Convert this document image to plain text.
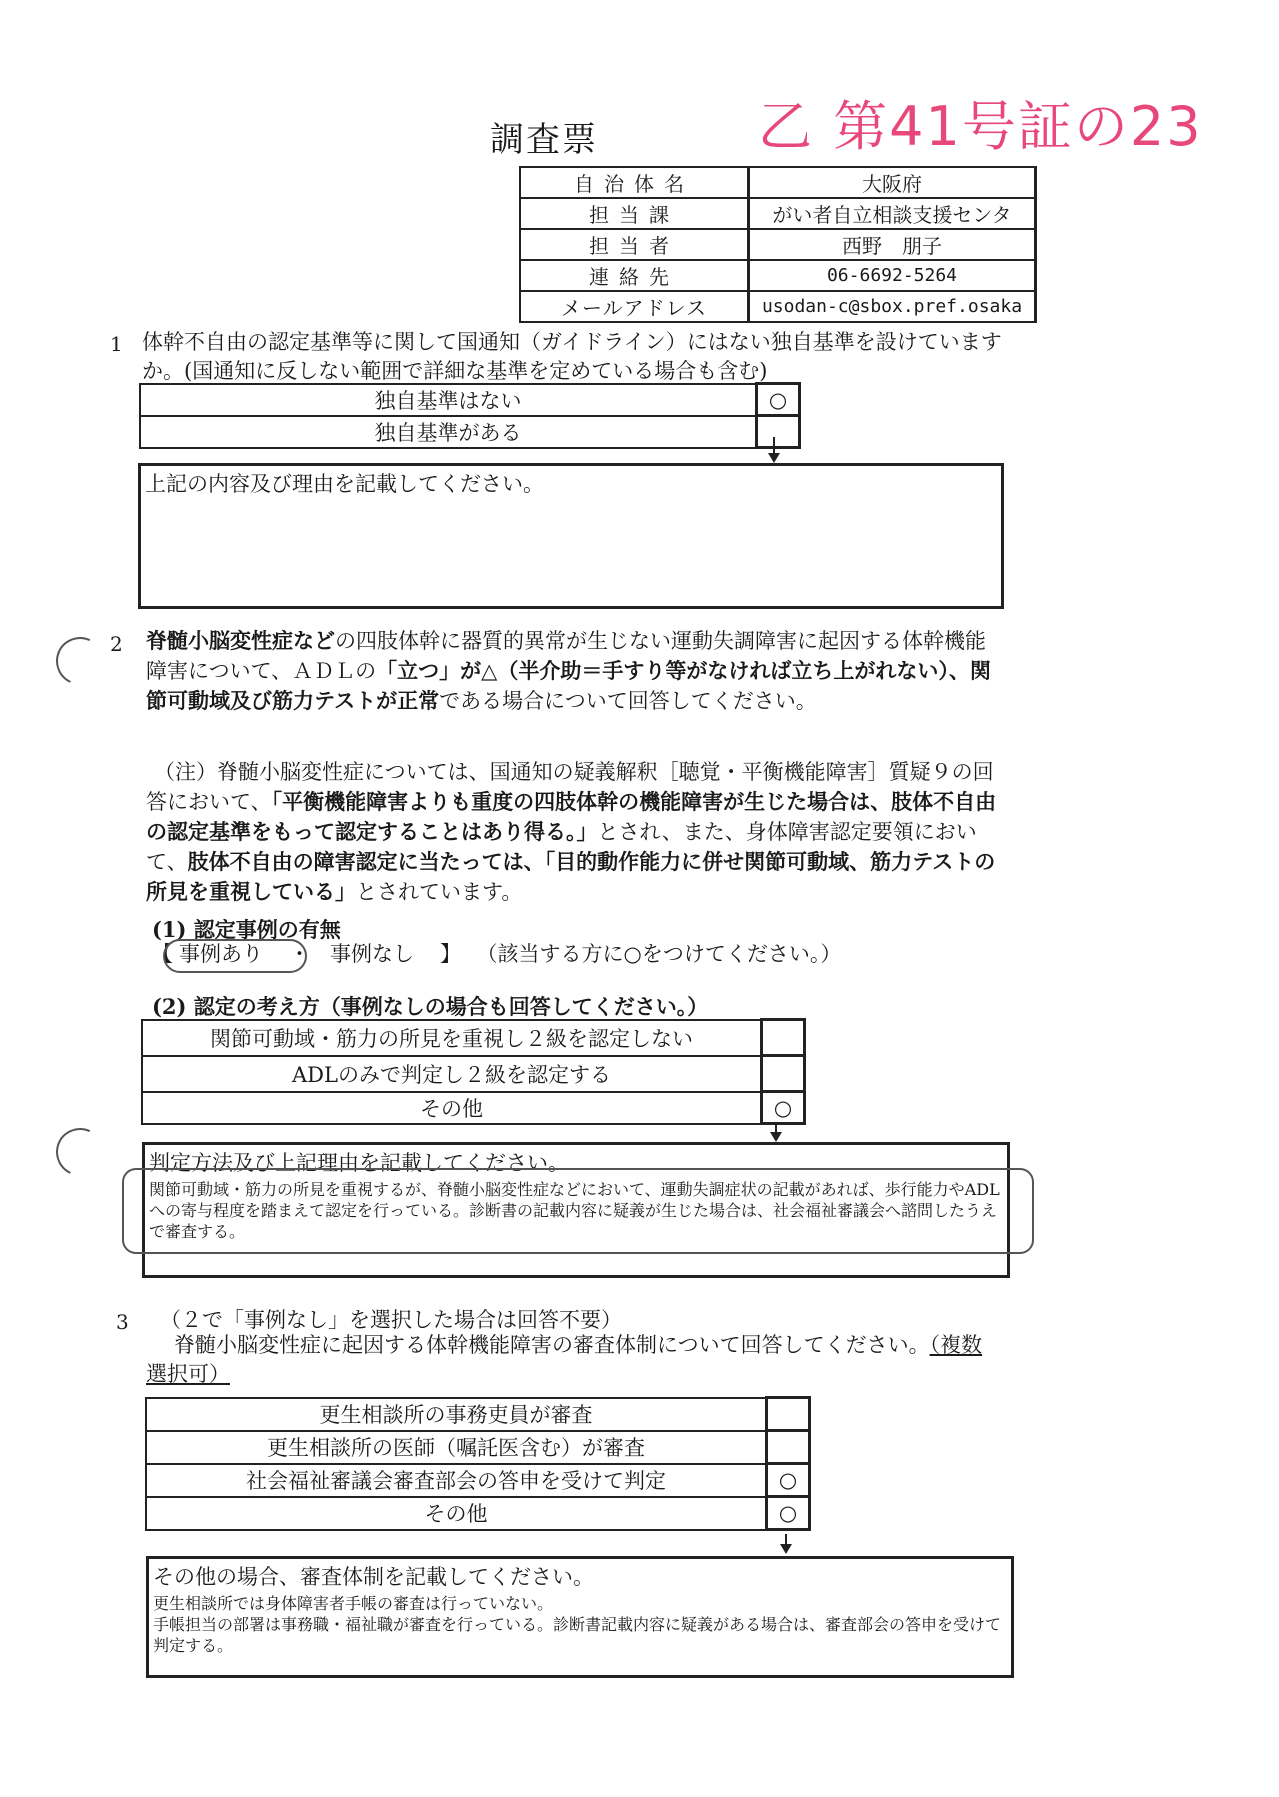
調査票	乙 第41号証の23
自治体名	大阪府
担当課	がい者自立相談支援センタ
担当者	西野　朋子
連絡先	06-6692-5264
メールアドレス	usodan-c@sbox.pref.osaka
1 体幹不自由の認定基準等に関して国通知（ガイドライン）にはない独自基準を設けていますか。(国通知に反しない範囲で詳細な基準を定めている場合も含む)
独自基準はない	○
独自基準がある	
上記の内容及び理由を記載してください。
2 脊髄小脳変性症などの四肢体幹に器質的異常が生じない運動失調障害に起因する体幹機能障害について、ＡＤＬの「立つ」が△（半介助＝手すり等がなければ立ち上がれない）、関節可動域及び筋力テストが正常である場合について回答してください。
（注）脊髄小脳変性症については、国通知の疑義解釈［聴覚・平衡機能障害］質疑９の回答において、「平衡機能障害よりも重度の四肢体幹の機能障害が生じた場合は、肢体不自由の認定基準をもって認定することはあり得る。」とされ、また、身体障害認定要領において、肢体不自由の障害認定に当たっては、「目的動作能力に併せ関節可動域、筋力テストの所見を重視している」とされています。
(1) 認定事例の有無
【 事例あり ・ 事例なし 】 （該当する方に○をつけてください。）
(2) 認定の考え方（事例なしの場合も回答してください。）
関節可動域・筋力の所見を重視し２級を認定しない	
ADLのみで判定し２級を認定する	
その他	○
判定方法及び上記理由を記載してください。
関節可動域・筋力の所見を重視するが、脊髄小脳変性症などにおいて、運動失調症状の記載があれば、歩行能力やADLへの寄与程度を踏まえて認定を行っている。診断書の記載内容に疑義が生じた場合は、社会福祉審議会へ諮問したうえで審査する。
3 （２で「事例なし」を選択した場合は回答不要）
脊髄小脳変性症に起因する体幹機能障害の審査体制について回答してください。（複数選択可）
更生相談所の事務吏員が審査	
更生相談所の医師（嘱託医含む）が審査	
社会福祉審議会審査部会の答申を受けて判定	○
その他	○
その他の場合、審査体制を記載してください。
更生相談所では身体障害者手帳の審査は行っていない。
手帳担当の部署は事務職・福祉職が審査を行っている。診断書記載内容に疑義がある場合は、審査部会の答申を受けて判定する。
